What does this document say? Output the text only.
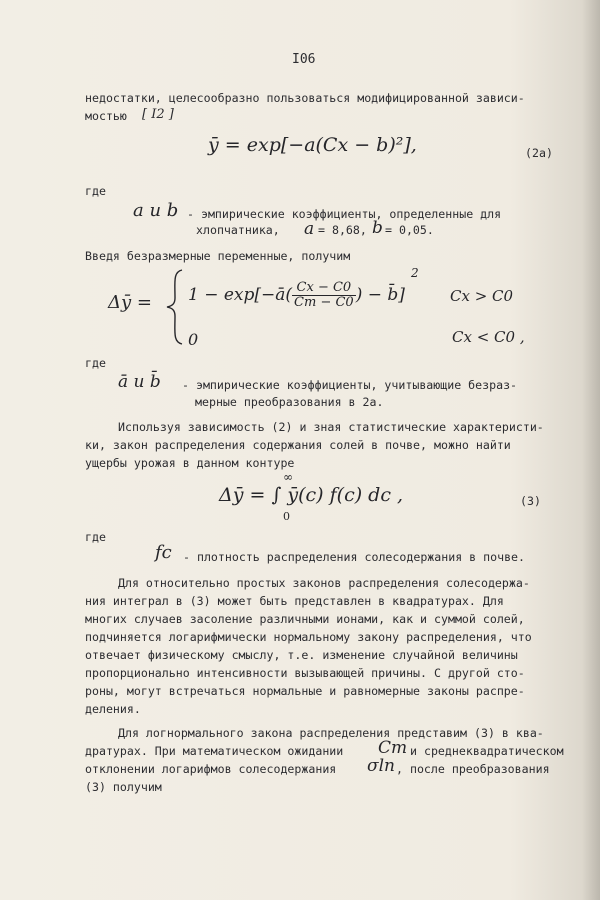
I06
недостатки, целесообразно пользоваться модифицированной зависи-
мостью [ I2 ]
ȳ = exp[−a(Cx − b)²],	(2a)
где
a и b - эмпирические коэффициенты, определенные для
хлопчатника, a = 8,68, b = 0,05.
Введя безразмерные переменные, получим
Δȳ = 1 − exp[−ā( $\frac{Cx - C0}{Cm - C0}$ ) − b̄]
2
Cx > C0
0	Cx < C0 ,
где
ā и b̄ - эмпирические коэффициенты, учитывающие безраз-
мерные преобразования в 2а.
Используя зависимость (2) и зная статистические характеристи-
ки, закон распределения содержания солей в почве, можно найти
ущербы урожая в данном контуре
Δȳ = ∫ ȳ(c) f(c) dc ,
∞
0
(3)
где
fc - плотность распределения солесодержания в почве.
Для относительно простых законов распределения солесодержа-
ния интеграл в (3) может быть представлен в квадратурах. Для
многих случаев засоление различными ионами, как и суммой солей,
подчиняется логарифмически нормальному закону распределения, что
отвечает физическому смыслу, т.е. изменение случайной величины
пропорционально интенсивности вызывающей причины. С другой сто-
роны, могут встречаться нормальные и равномерные законы распре-
деления.
Для логнормального закона распределения представим (3) в ква-
дратурах. При математическом ожидании Cm и среднеквадратическом
отклонении логарифмов солесодержания σln , после преобразования
(3) получим
